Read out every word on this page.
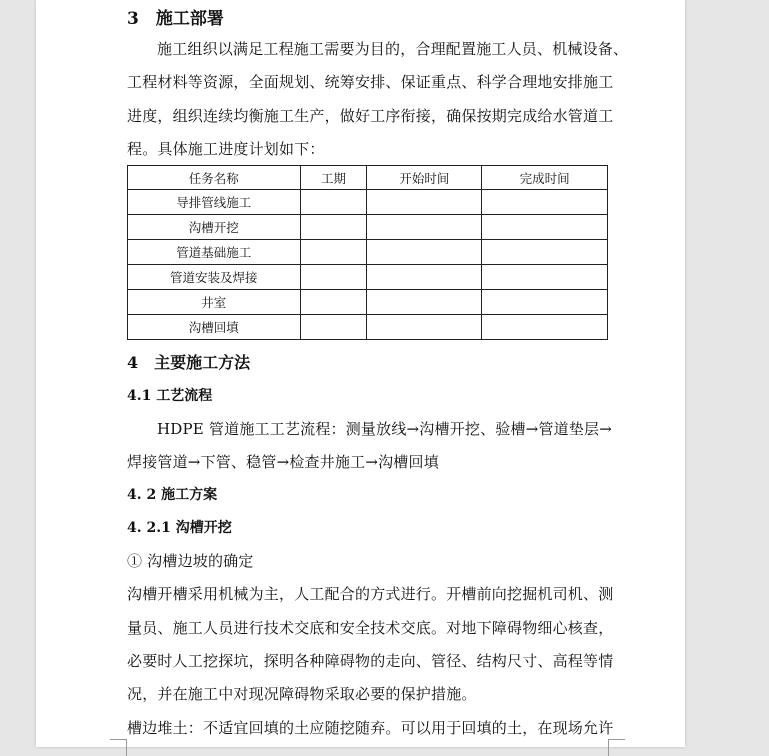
3　施工部署
施工组织以满足工程施工需要为目的，合理配置施工人员、机械设备、
工程材料等资源，全面规划、统筹安排、保证重点、科学合理地安排施工
进度，组织连续均衡施工生产，做好工序衔接，确保按期完成给水管道工
程。具体施工进度计划如下：
任务名称	工期	开始时间	完成时间
导排管线施工			
沟槽开挖			
管道基础施工			
管道安装及焊接			
井室			
沟槽回填			
4　主要施工方法
4.1 工艺流程
HDPE 管道施工工艺流程：测量放线→沟槽开挖、验槽→管道垫层→
焊接管道→下管、稳管→检查井施工→沟槽回填
4. 2 施工方案
4. 2.1 沟槽开挖
① 沟槽边坡的确定
沟槽开槽采用机械为主，人工配合的方式进行。开槽前向挖掘机司机、测
量员、施工人员进行技术交底和安全技术交底。对地下障碍物细心核查，
必要时人工挖探坑，探明各种障碍物的走向、管径、结构尺寸、高程等情
况，并在施工中对现况障碍物采取必要的保护措施。
槽边堆土：不适宜回填的土应随挖随弃。可以用于回填的土，在现场允许
